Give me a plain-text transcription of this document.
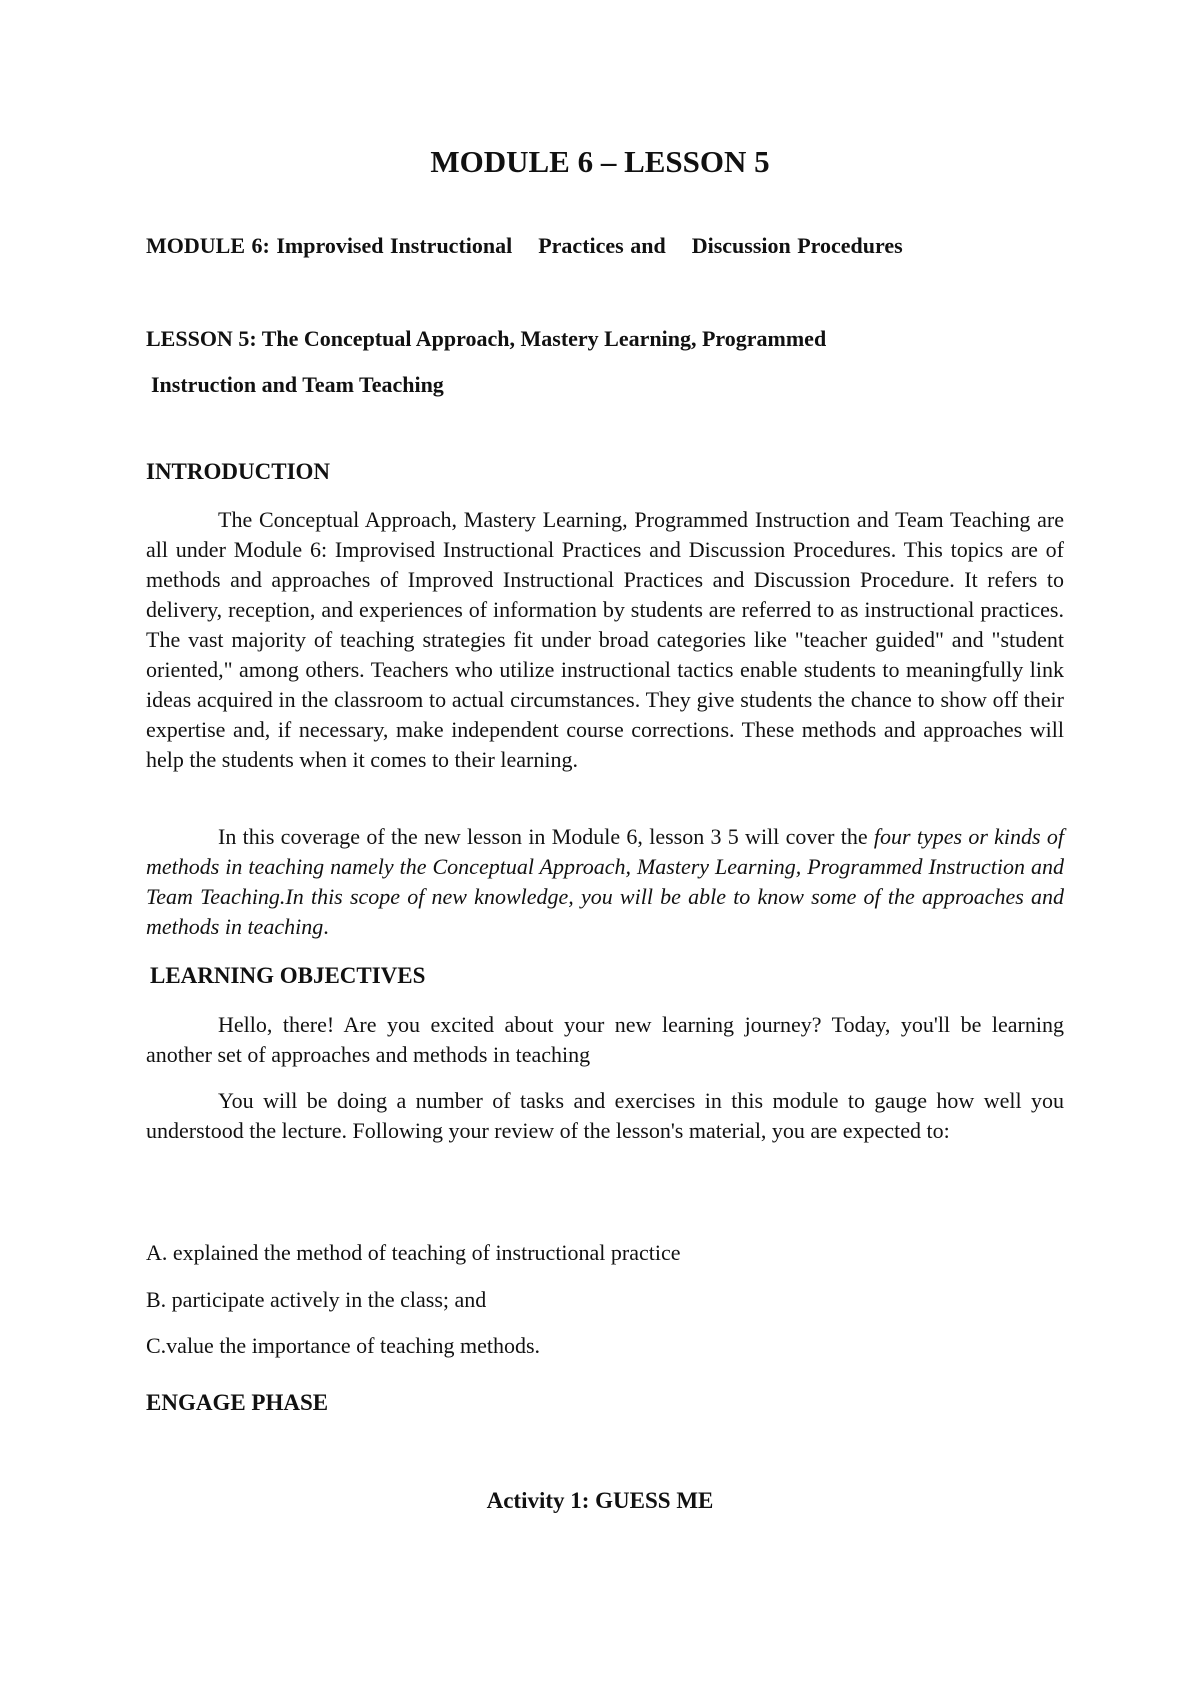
MODULE 6 – LESSON 5

MODULE 6: Improvised Instructional    Practices and    Discussion Procedures

LESSON 5: The Conceptual Approach, Mastery Learning, Programmed

Instruction and Team Teaching

INTRODUCTION

The Conceptual Approach, Mastery Learning, Programmed Instruction and Team Teaching are all under Module 6: Improvised Instructional Practices and Discussion Procedures. This topics are of methods and approaches of Improved Instructional Practices and Discussion Procedure. It refers to delivery, reception, and experiences of information by students are referred to as instructional practices. The vast majority of teaching strategies fit under broad categories like "teacher guided" and "student oriented," among others. Teachers who utilize instructional tactics enable students to meaningfully link ideas acquired in the classroom to actual circumstances. They give students the chance to show off their expertise and, if necessary, make independent course corrections. These methods and approaches will help the students when it comes to their learning.

In this coverage of the new lesson in Module 6, lesson 3 5 will cover the four types or kinds of methods in teaching namely the Conceptual Approach, Mastery Learning, Programmed Instruction and Team Teaching.In this scope of new knowledge, you will be able to know some of the approaches and methods in teaching.

LEARNING OBJECTIVES

Hello, there! Are you excited about your new learning journey? Today, you'll be learning another set of approaches and methods in teaching

You will be doing a number of tasks and exercises in this module to gauge how well you understood the lecture. Following your review of the lesson's material, you are expected to:

A. explained the method of teaching of instructional practice

B. participate actively in the class; and

C.value the importance of teaching methods.

ENGAGE PHASE

Activity 1: GUESS ME
